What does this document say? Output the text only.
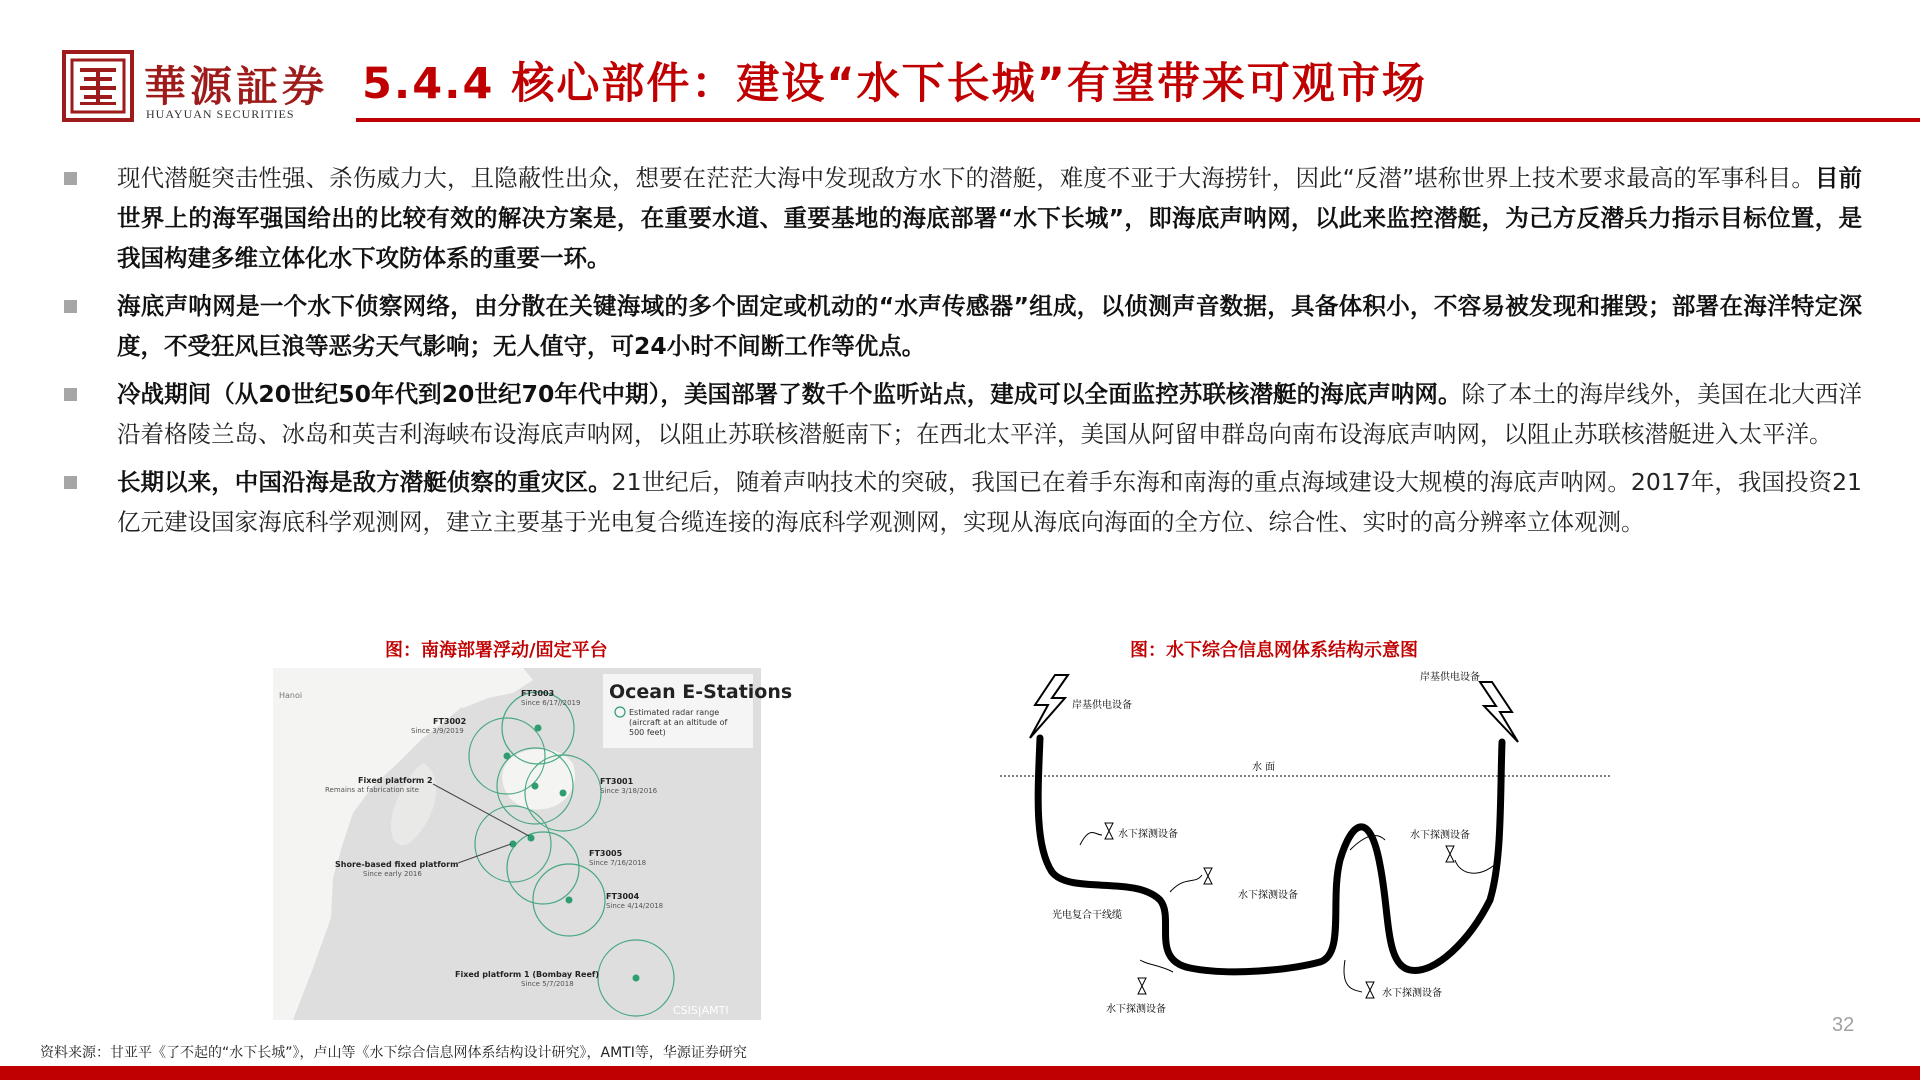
華源証券
HUAYUAN SECURITIES
5.4.4 核心部件：建设“水下长城”有望带来可观市场
现代潜艇突击性强、杀伤威力大，且隐蔽性出众，想要在茫茫大海中发现敌方水下的潜艇，难度不亚于大海捞针，因此“反潜”堪称世界上技术要求最高的军事科目。目前世界上的海军强国给出的比较有效的解决方案是，在重要水道、重要基地的海底部署“水下长城”，即海底声呐网，以此来监控潜艇，为己方反潜兵力指示目标位置，是我国构建多维立体化水下攻防体系的重要一环。
海底声呐网是一个水下侦察网络，由分散在关键海域的多个固定或机动的“水声传感器”组成，以侦测声音数据，具备体积小，不容易被发现和摧毁；部署在海洋特定深度，不受狂风巨浪等恶劣天气影响；无人值守，可24小时不间断工作等优点。
冷战期间（从20世纪50年代到20世纪70年代中期），美国部署了数千个监听站点，建成可以全面监控苏联核潜艇的海底声呐网。除了本土的海岸线外，美国在北大西洋沿着格陵兰岛、冰岛和英吉利海峡布设海底声呐网，以阻止苏联核潜艇南下；在西北太平洋，美国从阿留申群岛向南布设海底声呐网，以阻止苏联核潜艇进入太平洋。
长期以来，中国沿海是敌方潜艇侦察的重灾区。21世纪后，随着声呐技术的突破，我国已在着手东海和南海的重点海域建设大规模的海底声呐网。2017年，我国投资21亿元建设国家海底科学观测网，建立主要基于光电复合缆连接的海底科学观测网，实现从海底向海面的全方位、综合性、实时的高分辨率立体观测。
图：南海部署浮动/固定平台
Ocean E-Stations
Estimated radar range
(aircraft at an altitude of
500 feet)
Hanoi	FT3003
Since 6/17//2019
FT3002
Since 3/9/2019
Fixed platform 2
Remains at fabrication site
FT3001
Since 3/18/2016
FT3005
Since 7/16/2018
Shore-based fixed platform
Since early 2016
FT3004
Since 4/14/2018
Fixed platform 1 (Bombay Reef)
Since 5/7/2018
CSIS|AMTI
图：水下综合信息网体系结构示意图
岸基供电设备
岸基供电设备
水 面
水下探测设备
水下探测设备
水下探测设备
水下探测设备
水下探测设备
光电复合干线缆
32
资料来源：甘亚平《了不起的“水下长城”》，卢山等《水下综合信息网体系结构设计研究》，AMTI等，华源证券研究
